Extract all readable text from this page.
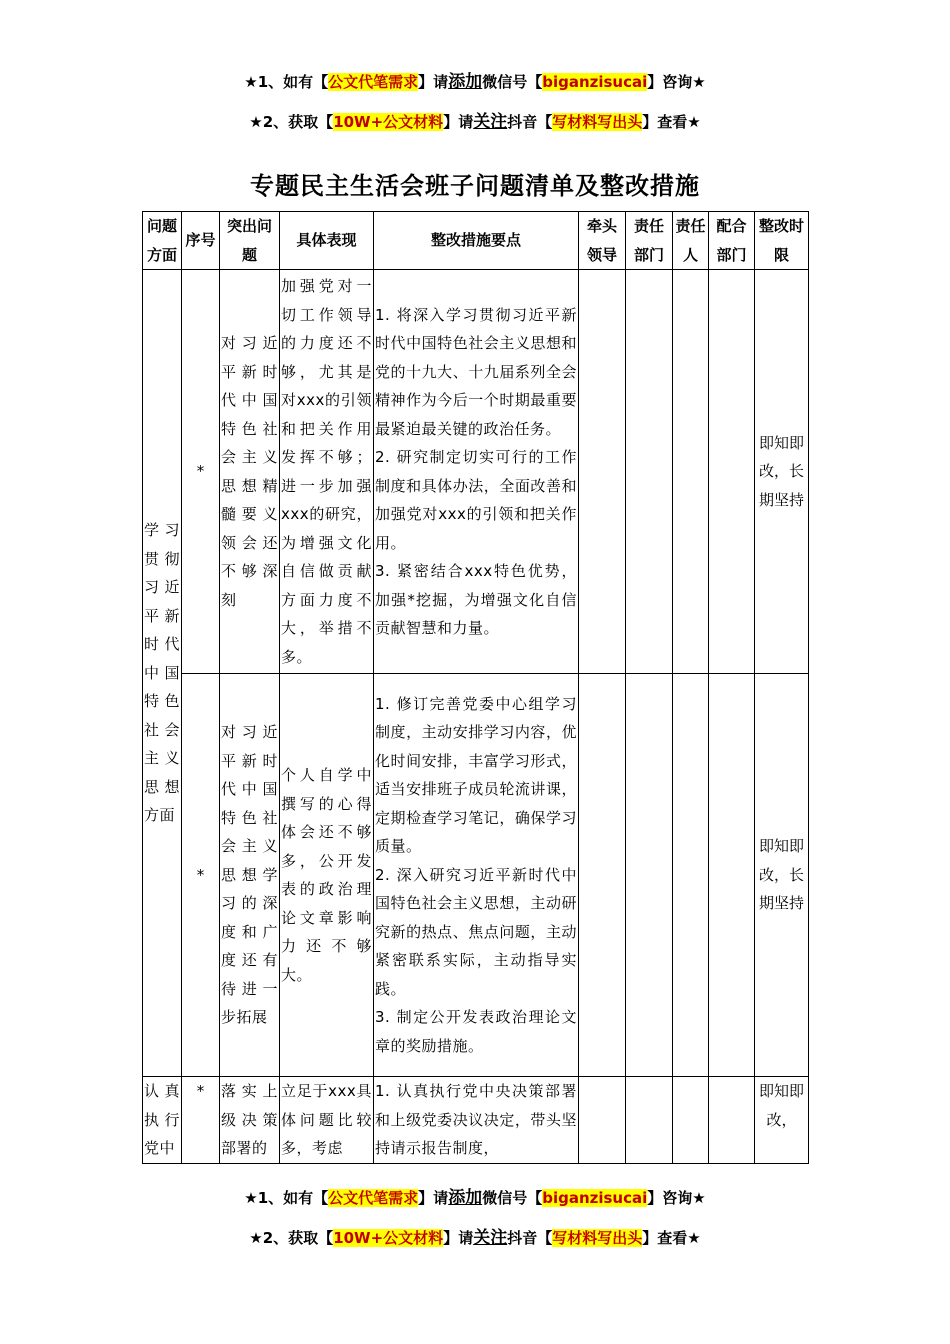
★1、如有【公文代笔需求】请添加微信号【biganzisucai】咨询★
★2、获取【10W+公文材料】请关注抖音【写材料写出头】查看★
专题民主生活会班子问题清单及整改措施
问题方面	序号	突出问题	具体表现	整改措施要点	牵头领导	责任部门	责任人	配合部门	整改时限
学习贯彻习近平新时代中国特色社会主义思想方面	*	对习近平新时代中国特色社会主义思想精髓要义领会还不够深刻	加强党对一切工作领导的力度还不够，尤其是对xxx的引领和把关作用发挥不够；进一步加强xxx的研究，为增强文化自信做贡献方面力度不大，举措不多。	1. 将深入学习贯彻习近平新时代中国特色社会主义思想和党的十九大、十九届系列全会精神作为今后一个时期最重要最紧迫最关键的政治任务。
2. 研究制定切实可行的工作制度和具体办法，全面改善和加强党对xxx的引领和把关作用。
3. 紧密结合xxx特色优势，加强*挖掘，为增强文化自信贡献智慧和力量。					即知即改，长期坚持
	*	对习近平新时代中国特色社会主义思想学习的深度和广度还有待进一步拓展	个人自学中撰写的心得体会还不够多，公开发表的政治理论文章影响力还不够大。	1. 修订完善党委中心组学习制度，主动安排学习内容，优化时间安排，丰富学习形式，适当安排班子成员轮流讲课，定期检查学习笔记，确保学习质量。
2. 深入研究习近平新时代中国特色社会主义思想，主动研究新的热点、焦点问题，主动紧密联系实际，主动指导实践。
3. 制定公开发表政治理论文章的奖励措施。					即知即改，长期坚持
认真执行党中	*	落实上级决策部署的	立足于xxx具体问题比较多，考虑	1. 认真执行党中央决策部署和上级党委决议决定，带头坚持请示报告制度，					即知即改，
★1、如有【公文代笔需求】请添加微信号【biganzisucai】咨询★
★2、获取【10W+公文材料】请关注抖音【写材料写出头】查看★
